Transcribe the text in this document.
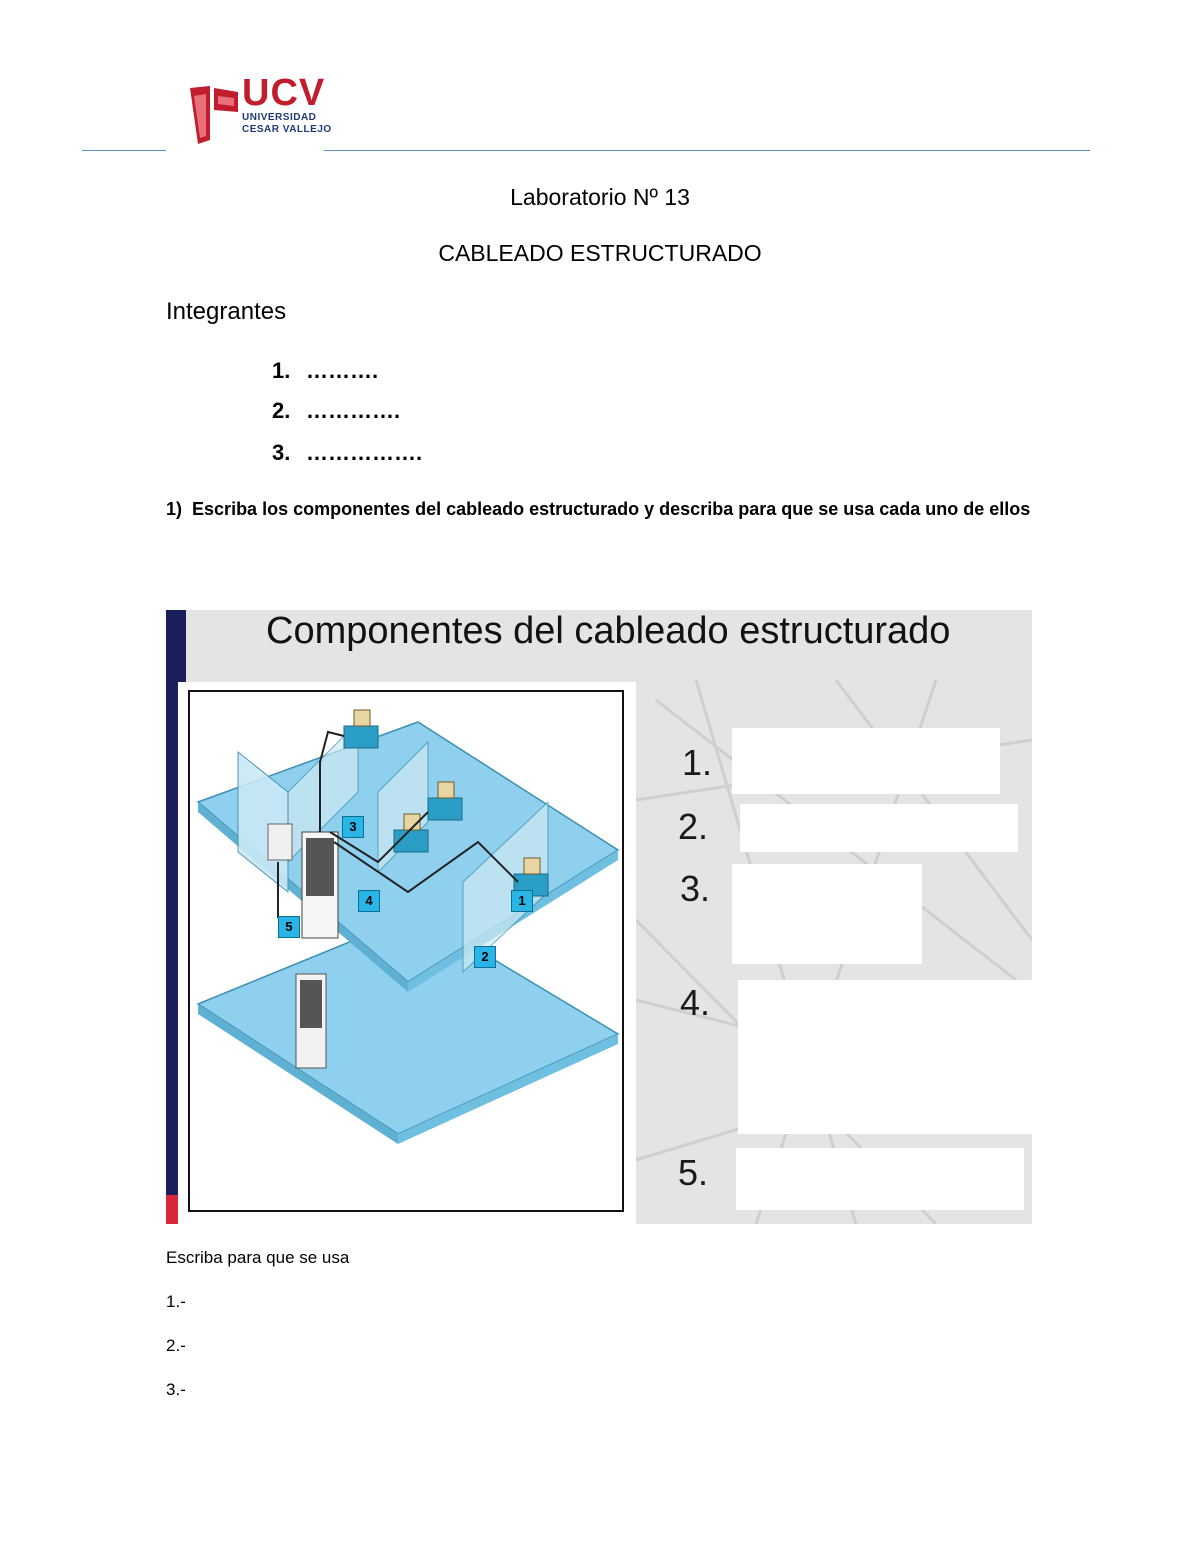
UCV
UNIVERSIDAD
CESAR VALLEJO
Laboratorio Nº 13
CABLEADO ESTRUCTURADO
Integrantes
1. ……….
2. ………….
3. …………….
1) Escriba los componentes del cableado estructurado y describa para que se usa cada uno de ellos
Componentes del cableado estructurado
1
2
3
4
5
1.
2.
3.
4.
5.
Escriba para que se usa
1.-
2.-
3.-
